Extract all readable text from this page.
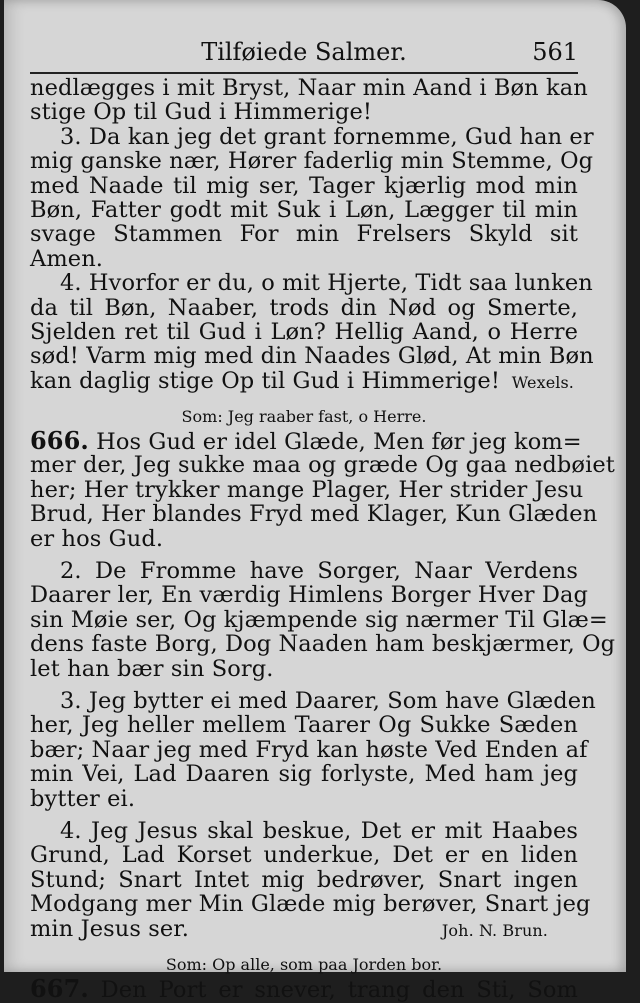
Tilføiede Salmer.	561
nedlægges i mit Bryst, Naar min Aand i Bøn kan
stige Op til Gud i Himmerige!
3. Da kan jeg det grant fornemme, Gud han er
mig ganske nær, Hører faderlig min Stemme, Og
med Naade til mig ser, Tager kjærlig mod min
Bøn, Fatter godt mit Suk i Løn, Lægger til min
svage Stammen For min Frelsers Skyld sit
Amen.
4. Hvorfor er du, o mit Hjerte, Tidt saa lunken
da til Bøn, Naaber, trods din Nød og Smerte,
Sjelden ret til Gud i Løn? Hellig Aand, o Herre
sød! Varm mig med din Naades Glød, At min Bøn
kan daglig stige Op til Gud i Himmerige! Wexels.
Som: Jeg raaber fast, o Herre.
666. Hos Gud er idel Glæde, Men før jeg kom=
mer der, Jeg sukke maa og græde Og gaa nedbøiet
her; Her trykker mange Plager, Her strider Jesu
Brud, Her blandes Fryd med Klager, Kun Glæden
er hos Gud.
2. De Fromme have Sorger, Naar Verdens
Daarer ler, En værdig Himlens Borger Hver Dag
sin Møie ser, Og kjæmpende sig nærmer Til Glæ=
dens faste Borg, Dog Naaden ham beskjærmer, Og
let han bær sin Sorg.
3. Jeg bytter ei med Daarer, Som have Glæden
her, Jeg heller mellem Taarer Og Sukke Sæden
bær; Naar jeg med Fryd kan høste Ved Enden af
min Vei, Lad Daaren sig forlyste, Med ham jeg
bytter ei.
4. Jeg Jesus skal beskue, Det er mit Haabes
Grund, Lad Korset underkue, Det er en liden
Stund; Snart Intet mig bedrøver, Snart ingen
Modgang mer Min Glæde mig berøver, Snart jeg
min Jesus ser.	Joh. N. Brun.
Som: Op alle, som paa Jorden bor.
667. Den Port er snever, trang den Sti, Som
